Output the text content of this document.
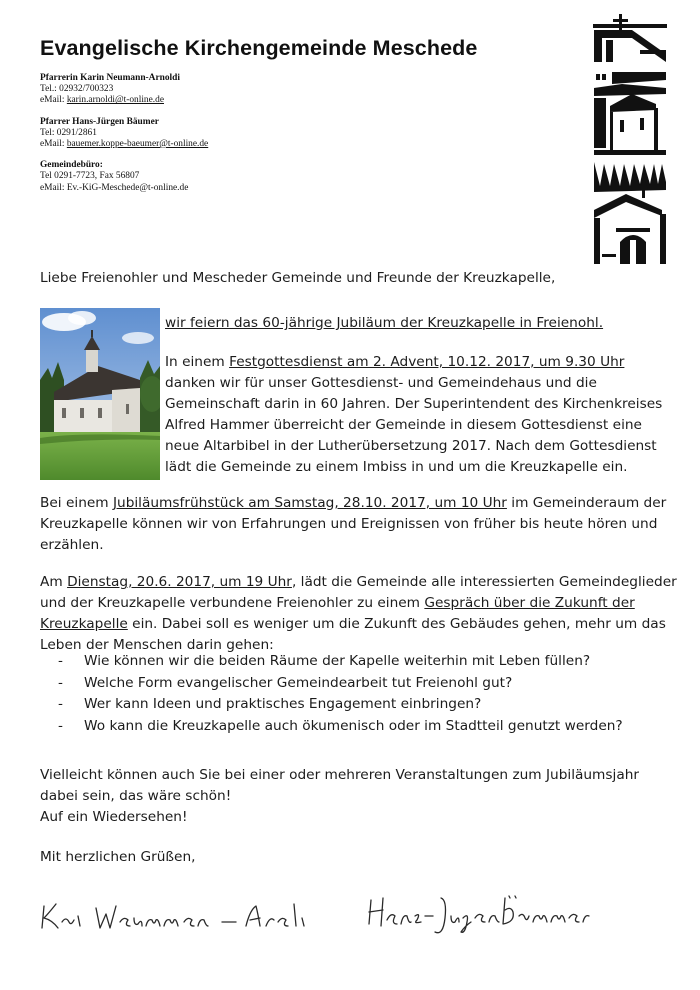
Evangelische Kirchengemeinde Meschede
Pfarrerin Karin Neumann-Arnoldi
Tel.: 02932/700323
eMail: karin.arnoldi@t-online.de
Pfarrer Hans-Jürgen Bäumer
Tel: 0291/2861
eMail: bauemer.koppe-baeumer@t-online.de
Gemeindebüro:
Tel 0291-7723, Fax 56807
eMail: Ev.-KiG-Meschede@t-online.de
Liebe Freienohler und Mescheder Gemeinde und Freunde der Kreuzkapelle,
wir feiern das 60-jährige Jubiläum der Kreuzkapelle in Freienohl.
In einem Festgottesdienst am 2. Advent, 10.12. 2017, um 9.30 Uhr
danken wir für unser Gottesdienst- und Gemeindehaus und die
Gemeinschaft darin in 60 Jahren. Der Superintendent des Kirchenkreises
Alfred Hammer überreicht der Gemeinde in diesem Gottesdienst eine
neue Altarbibel in der Lutherübersetzung 2017. Nach dem Gottesdienst
lädt die Gemeinde zu einem Imbiss in und um die Kreuzkapelle ein.
Bei einem Jubiläumsfrühstück am Samstag, 28.10. 2017, um 10 Uhr im Gemeinderaum der
Kreuzkapelle können wir von Erfahrungen und Ereignissen von früher bis heute hören und
erzählen.
Am Dienstag, 20.6. 2017, um 19 Uhr, lädt die Gemeinde alle interessierten Gemeindeglieder
und der Kreuzkapelle verbundene Freienohler zu einem Gespräch über die Zukunft der
Kreuzkapelle ein. Dabei soll es weniger um die Zukunft des Gebäudes gehen, mehr um das
Leben der Menschen darin gehen:
-	Wie können wir die beiden Räume der Kapelle weiterhin mit Leben füllen?
-	Welche Form evangelischer Gemeindearbeit tut Freienohl gut?
-	Wer kann Ideen und praktisches Engagement einbringen?
-	Wo kann die Kreuzkapelle auch ökumenisch oder im Stadtteil genutzt werden?
Vielleicht können auch Sie bei einer oder mehreren Veranstaltungen zum Jubiläumsjahr
dabei sein, das wäre schön!
Auf ein Wiedersehen!
Mit herzlichen Grüßen,
